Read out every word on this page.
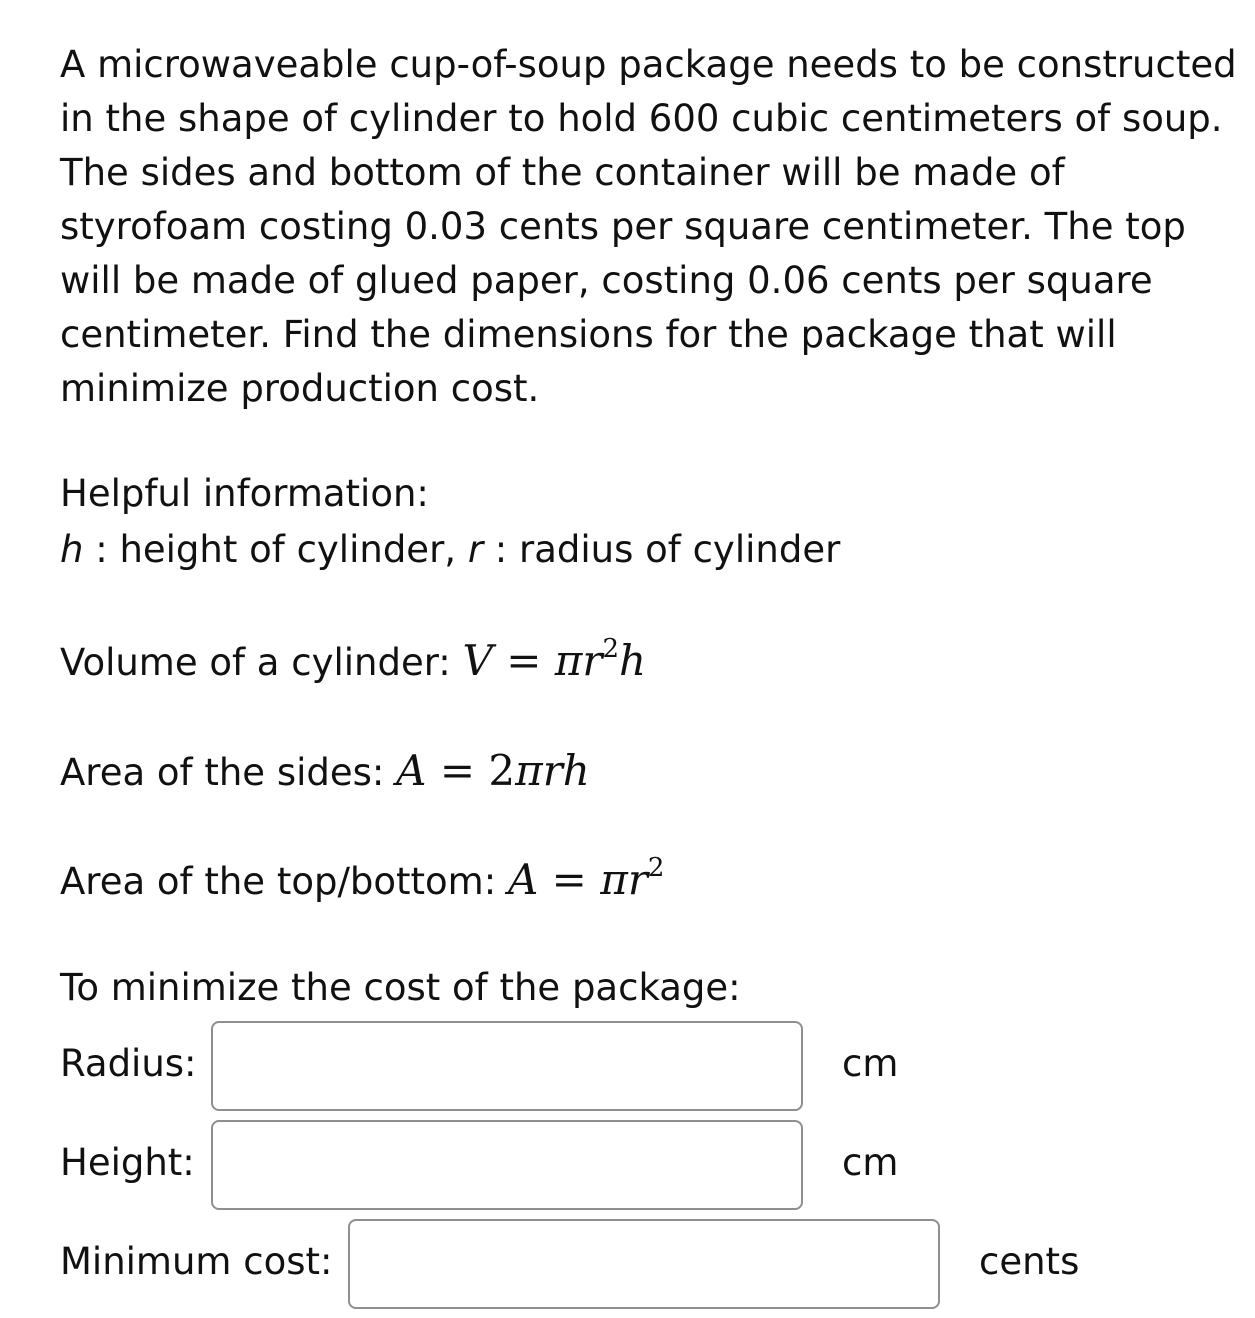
A microwaveable cup-of-soup package needs to be constructed in the shape of cylinder to hold 600 cubic centimeters of soup. The sides and bottom of the container will be made of styrofoam costing 0.03 cents per square centimeter. The top will be made of glued paper, costing 0.06 cents per square centimeter. Find the dimensions for the package that will minimize production cost.
Helpful information:
h : height of cylinder, r : radius of cylinder
Volume of a cylinder: $V = \pi r^2h$
Area of the sides: A = 2πrh
Area of the top/bottom: $A = \pi r^2$
To minimize the cost of the package:
Radius:	cm
Height:	cm
Minimum cost:	cents
